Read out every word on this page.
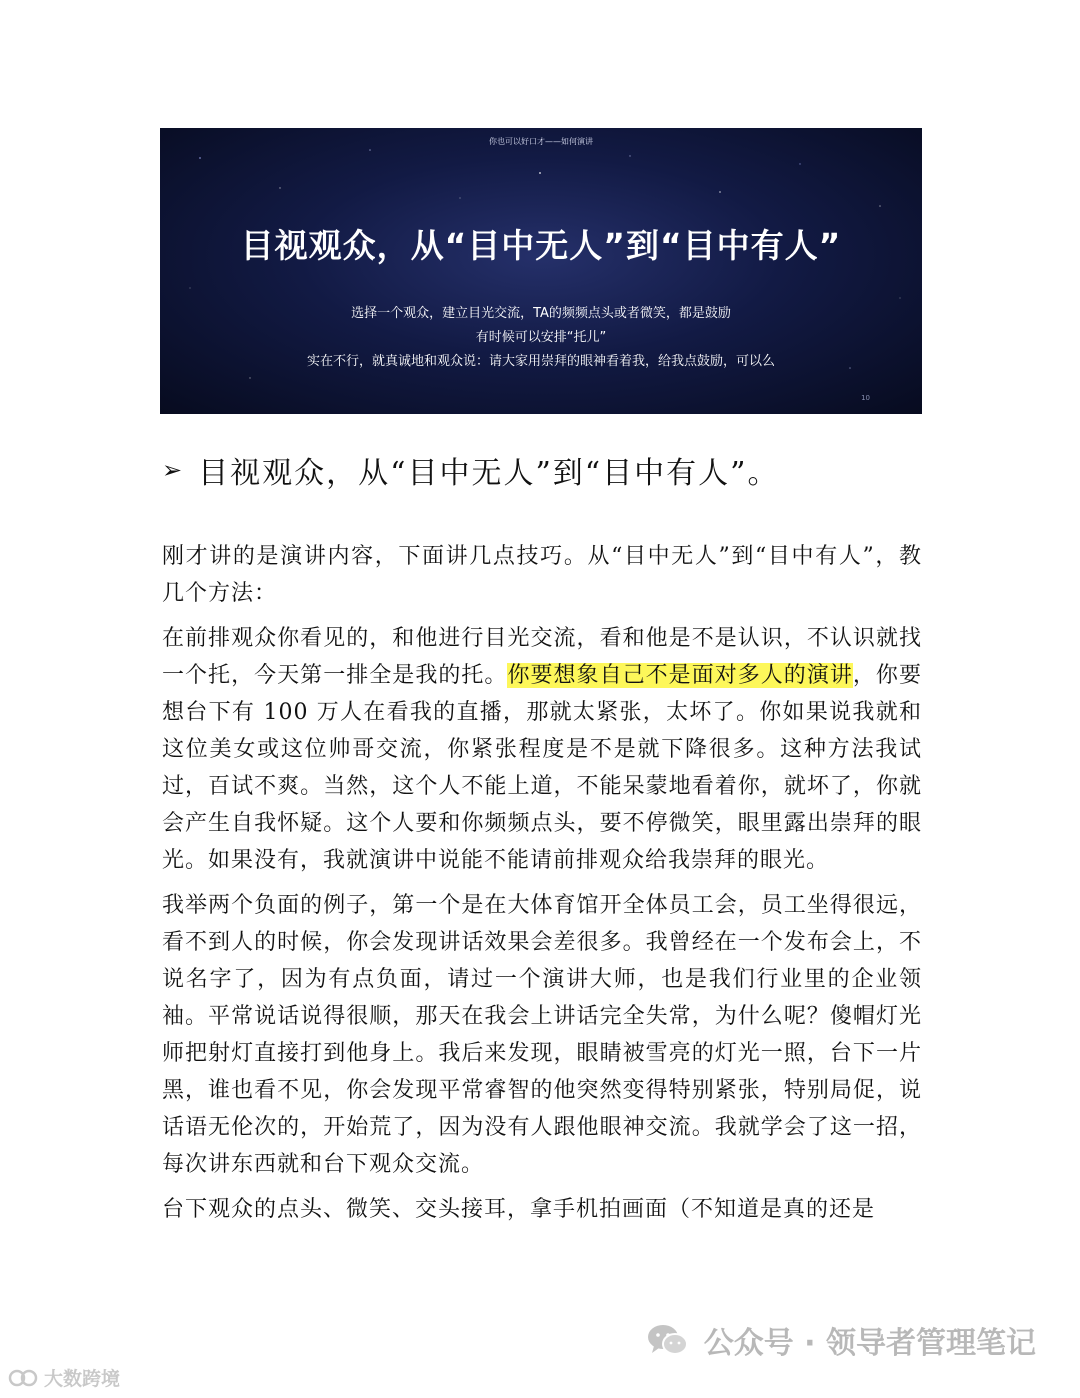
你也可以好口才——如何演讲
目视观众，从“目中无人”到“目中有人”
选择一个观众，建立目光交流，TA的频频点头或者微笑，都是鼓励
有时候可以安排“托儿”
实在不行，就真诚地和观众说：请大家用崇拜的眼神看着我，给我点鼓励，可以么
10
➢ 目视观众，从“目中无人”到“目中有人”。

刚才讲的是演讲内容，下面讲几点技巧。从“目中无人”到“目中有人”，教几个方法：

在前排观众你看见的，和他进行目光交流，看和他是不是认识，不认识就找一个托，今天第一排全是我的托。你要想象自己不是面对多人的演讲，你要想台下有 100 万人在看我的直播，那就太紧张，太坏了。你如果说我就和这位美女或这位帅哥交流，你紧张程度是不是就下降很多。这种方法我试过，百试不爽。当然，这个人不能上道，不能呆蒙地看着你，就坏了，你就会产生自我怀疑。这个人要和你频频点头，要不停微笑，眼里露出崇拜的眼光。如果没有，我就演讲中说能不能请前排观众给我崇拜的眼光。

我举两个负面的例子，第一个是在大体育馆开全体员工会，员工坐得很远，看不到人的时候，你会发现讲话效果会差很多。我曾经在一个发布会上，不说名字了，因为有点负面，请过一个演讲大师，也是我们行业里的企业领袖。平常说话说得很顺，那天在我会上讲话完全失常，为什么呢？傻帽灯光师把射灯直接打到他身上。我后来发现，眼睛被雪亮的灯光一照，台下一片黑，谁也看不见，你会发现平常睿智的他突然变得特别紧张，特别局促，说话语无伦次的，开始荒了，因为没有人跟他眼神交流。我就学会了这一招，每次讲东西就和台下观众交流。

台下观众的点头、微笑、交头接耳，拿手机拍画面（不知道是真的还是

公众号 · 领导者管理笔记
大数跨境
